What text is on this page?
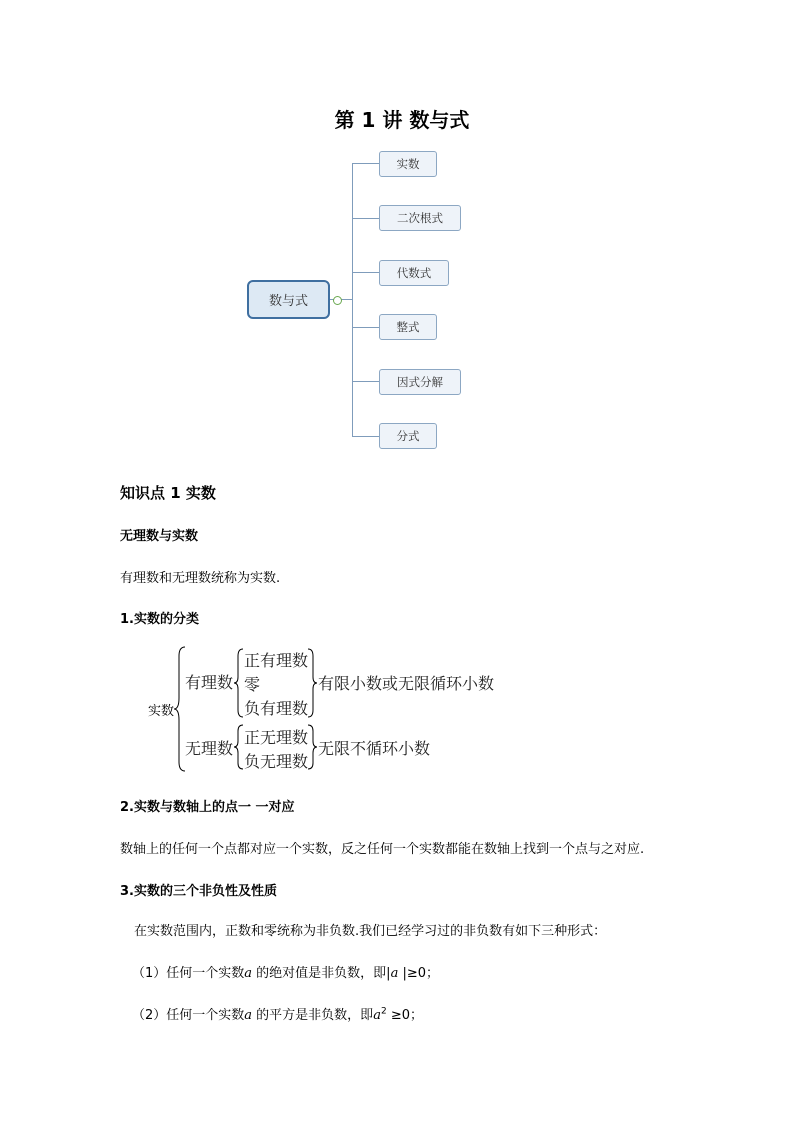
第 1 讲 数与式
数与式
实数
二次根式
代数式
整式
因式分解
分式
知识点 1 实数
无理数与实数
有理数和无理数统称为实数.
1.实数的分类
实数
有理数
正有理数
零
负有理数
有限小数或无限循环小数
无理数
正无理数
负无理数
无限不循环小数
2.实数与数轴上的点一 一对应
数轴上的任何一个点都对应一个实数，反之任何一个实数都能在数轴上找到一个点与之对应.
3.实数的三个非负性及性质
在实数范围内，正数和零统称为非负数.我们已经学习过的非负数有如下三种形式：
（1）任何一个实数a 的绝对值是非负数，即|a |≥0；
（2）任何一个实数a 的平方是非负数，即$a^2 \ge 0$；
